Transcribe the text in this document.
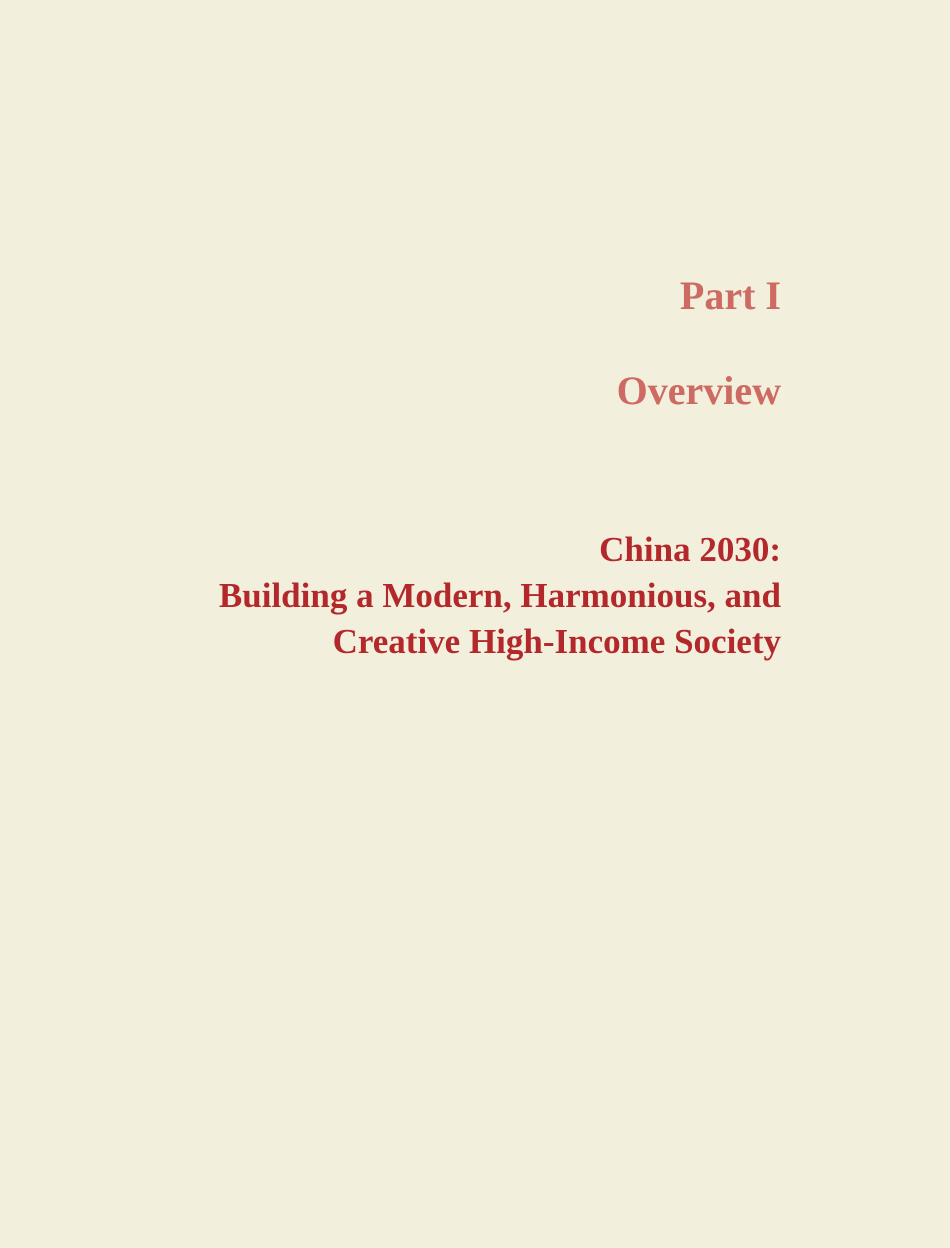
Part I
Overview
China 2030:
Building a Modern, Harmonious, and
Creative High-Income Society
